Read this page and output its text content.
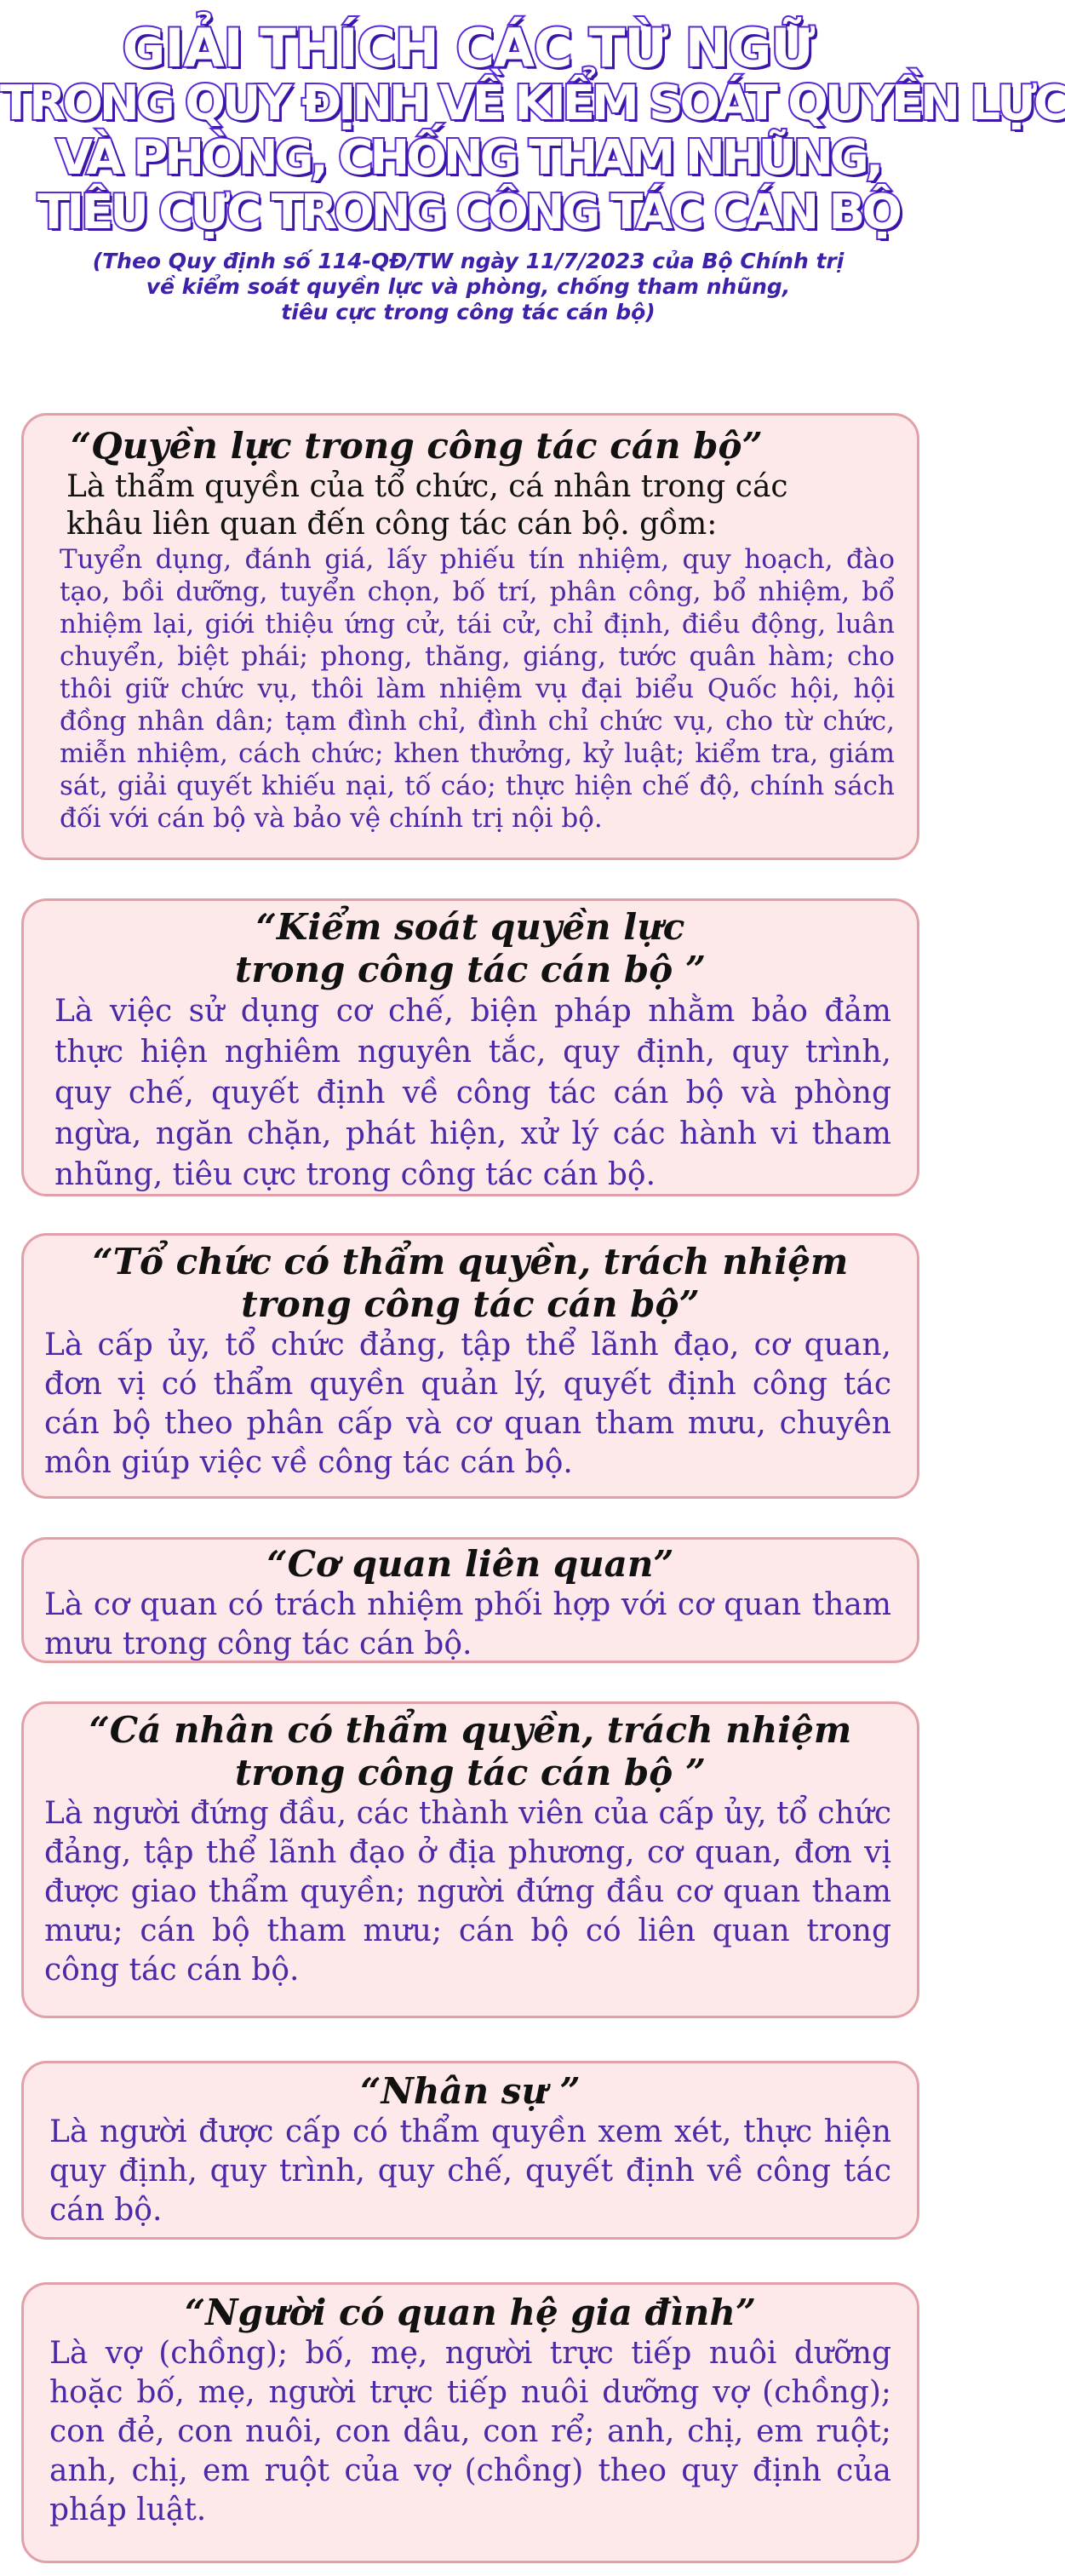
GIẢI THÍCH CÁC TỪ NGỮ
TRONG QUY ĐỊNH VỀ KIỂM SOÁT QUYỀN LỰC
VÀ PHÒNG, CHỐNG THAM NHŨNG,
TIÊU CỰC TRONG CÔNG TÁC CÁN BỘ
(Theo Quy định số 114-QĐ/TW ngày 11/7/2023 của Bộ Chính trị
về kiểm soát quyền lực và phòng, chống tham nhũng,
tiêu cực trong công tác cán bộ)
“Quyền lực trong công tác cán bộ”
Là thẩm quyền của tổ chức, cá nhân trong các
khâu liên quan đến công tác cán bộ. gồm:
Tuyển dụng, đánh giá, lấy phiếu tín nhiệm, quy hoạch, đào tạo, bồi dưỡng, tuyển chọn, bố trí, phân công, bổ nhiệm, bổ nhiệm lại, giới thiệu ứng cử, tái cử, chỉ định, điều động, luân chuyển, biệt phái; phong, thăng, giáng, tước quân hàm; cho thôi giữ chức vụ, thôi làm nhiệm vụ đại biểu Quốc hội, hội đồng nhân dân; tạm đình chỉ, đình chỉ chức vụ, cho từ chức, miễn nhiệm, cách chức; khen thưởng, kỷ luật; kiểm tra, giám sát, giải quyết khiếu nại, tố cáo; thực hiện chế độ, chính sách đối với cán bộ và bảo vệ chính trị nội bộ.
“Kiểm soát quyền lực
trong công tác cán bộ ”
Là việc sử dụng cơ chế, biện pháp nhằm bảo đảm thực hiện nghiêm nguyên tắc, quy định, quy trình, quy chế, quyết định về công tác cán bộ và phòng ngừa, ngăn chặn, phát hiện, xử lý các hành vi tham nhũng, tiêu cực trong công tác cán bộ.
“Tổ chức có thẩm quyền, trách nhiệm
trong công tác cán bộ”
Là cấp ủy, tổ chức đảng, tập thể lãnh đạo, cơ quan, đơn vị có thẩm quyền quản lý, quyết định công tác cán bộ theo phân cấp và cơ quan tham mưu, chuyên môn giúp việc về công tác cán bộ.
“Cơ quan liên quan”
Là cơ quan có trách nhiệm phối hợp với cơ quan tham mưu trong công tác cán bộ.
“Cá nhân có thẩm quyền, trách nhiệm
trong công tác cán bộ ”
Là người đứng đầu, các thành viên của cấp ủy, tổ chức đảng, tập thể lãnh đạo ở địa phương, cơ quan, đơn vị được giao thẩm quyền; người đứng đầu cơ quan tham mưu; cán bộ tham mưu; cán bộ có liên quan trong công tác cán bộ.
“Nhân sự ”
Là người được cấp có thẩm quyền xem xét, thực hiện quy định, quy trình, quy chế, quyết định về công tác cán bộ.
“Người có quan hệ gia đình”
Là vợ (chồng); bố, mẹ, người trực tiếp nuôi dưỡng hoặc bố, mẹ, người trực tiếp nuôi dưỡng vợ (chồng); con đẻ, con nuôi, con dâu, con rể; anh, chị, em ruột; anh, chị, em ruột của vợ (chồng) theo quy định của pháp luật.
